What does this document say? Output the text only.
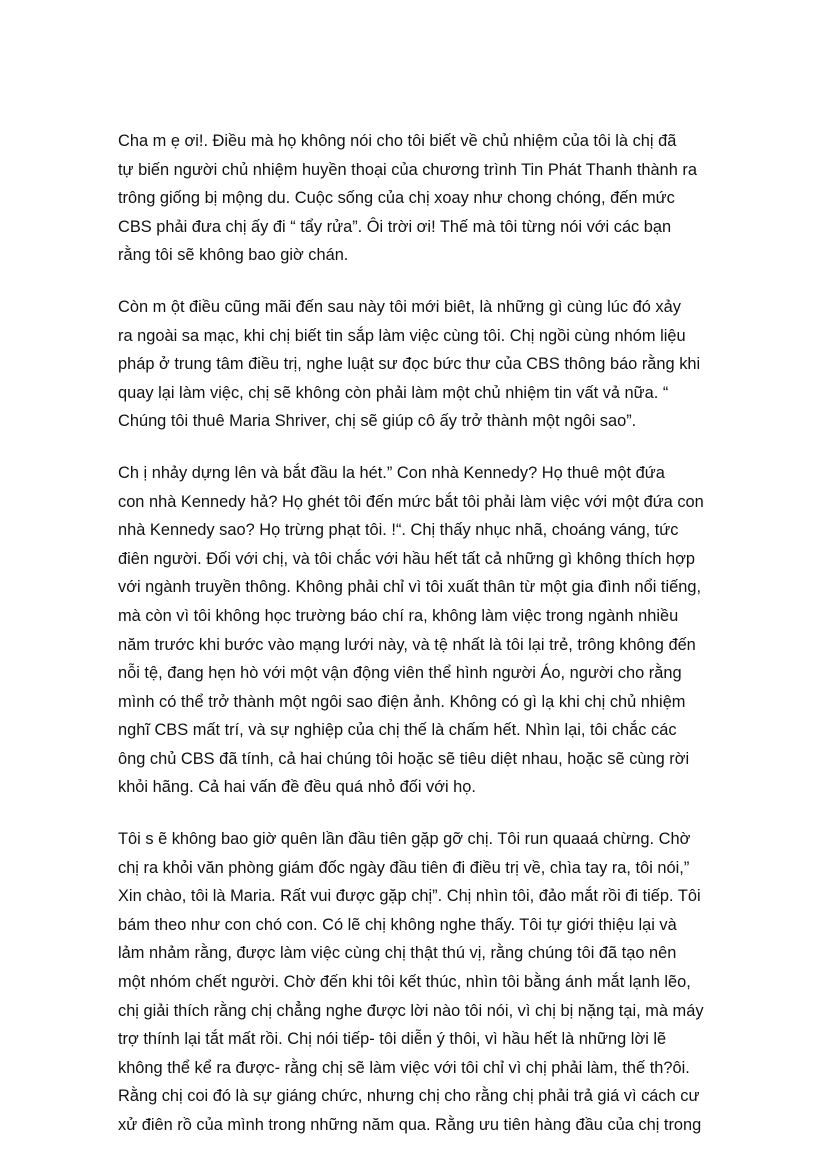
Cha m ẹ ơi!. Điều mà họ không nói cho tôi biết về chủ nhiệm của tôi là chị đã
tự biến người chủ nhiệm huyền thoại của chương trình Tin Phát Thanh thành ra
trông giống bị mộng du. Cuộc sống của chị xoay như chong chóng, đến mức
CBS phải đưa chị ấy đi “ tẩy rửa”. Ôi trời ơi! Thế mà tôi từng nói với các bạn
rằng tôi sẽ không bao giờ chán.

Còn m ột điều cũng mãi đến sau này tôi mới biêt, là những gì cùng lúc đó xảy
ra ngoài sa mạc, khi chị biết tin sắp làm việc cùng tôi. Chị ngồi cùng nhóm liệu
pháp ở trung tâm điều trị, nghe luật sư đọc bức thư của CBS thông báo rằng khi
quay lại làm việc, chị sẽ không còn phải làm một chủ nhiệm tin vất vả nữa. “
Chúng tôi thuê Maria Shriver, chị sẽ giúp cô ấy trở thành một ngôi sao”.

Ch ị nhảy dựng lên và bắt đầu la hét.” Con nhà Kennedy? Họ thuê một đứa
con nhà Kennedy hả? Họ ghét tôi đến mức bắt tôi phải làm việc với một đứa con
nhà Kennedy sao? Họ trừng phạt tôi. !“. Chị thấy nhục nhã, choáng váng, tức
điên người. Đối với chị, và tôi chắc với hầu hết tất cả những gì không thích hợp
với ngành truyền thông. Không phải chỉ vì tôi xuất thân từ một gia đình nổi tiếng,
mà còn vì tôi không học trường báo chí ra, không làm việc trong ngành nhiều
năm trước khi bước vào mạng lưới này, và tệ nhất là tôi lại trẻ, trông không đến
nỗi tệ, đang hẹn hò với một vận động viên thể hình người Áo, người cho rằng
mình có thể trở thành một ngôi sao điện ảnh. Không có gì lạ khi chị chủ nhiệm
nghĩ CBS mất trí, và sự nghiệp của chị thế là chấm hết. Nhìn lại, tôi chắc các
ông chủ CBS đã tính, cả hai chúng tôi hoặc sẽ tiêu diệt nhau, hoặc sẽ cùng rời
khỏi hãng. Cả hai vấn đề đều quá nhỏ đối với họ.

Tôi s ẽ không bao giờ quên lần đầu tiên gặp gỡ chị. Tôi run quaaá chừng. Chờ
chị ra khỏi văn phòng giám đốc ngày đầu tiên đi điều trị về, chìa tay ra, tôi nói,”
Xin chào, tôi là Maria. Rất vui được gặp chị”. Chị nhìn tôi, đảo mắt rồi đi tiếp. Tôi
bám theo như con chó con. Có lẽ chị không nghe thấy. Tôi tự giới thiệu lại và
lảm nhảm rằng, được làm việc cùng chị thật thú vị, rằng chúng tôi đã tạo nên
một nhóm chết người. Chờ đến khi tôi kết thúc, nhìn tôi bằng ánh mắt lạnh lẽo,
chị giải thích rằng chị chẳng nghe được lời nào tôi nói, vì chị bị nặng tại, mà máy
trợ thính lại tắt mất rồi. Chị nói tiếp- tôi diễn ý thôi, vì hầu hết là những lời lẽ
không thể kể ra được- rằng chị sẽ làm việc với tôi chỉ vì chị phải làm, thế th?ôi.
Rằng chị coi đó là sự giáng chức, nhưng chị cho rằng chị phải trả giá vì cách cư
xử điên rồ của mình trong những năm qua. Rằng ưu tiên hàng đầu của chị trong
